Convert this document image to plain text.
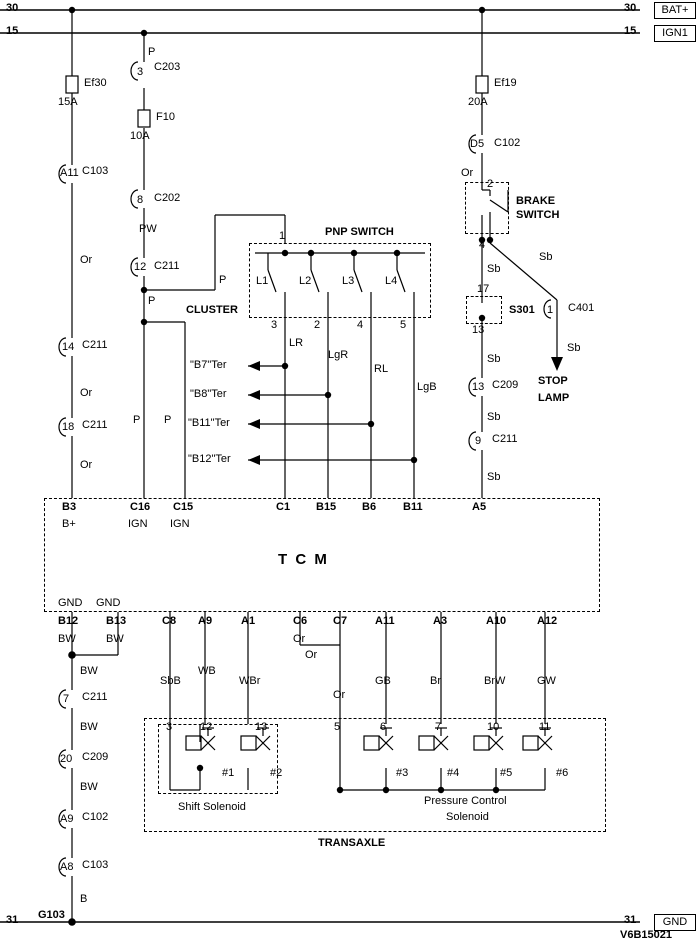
30
15
31
30
15
31
BAT+
IGN1
GND
Ef30
15A
F10
10A
Ef19
20A
3 C203
A11 C103
8 C202
12 C211
14 C211
18 C211
D5 C102
17
S301 1 C401
13 C209
9 C211
7 C211
20 C209
A9 C102
A8 C103
Or
Or
Or
P
PW
P
P
P P
Or
Sb
Sb
Sb
Sb
Sb
Sb
LR
LgR
RL
LgB
PNP SWITCH
1
L1	L2	L3	L4
3	2	4	5
BRAKE
SWITCH
2
4
13
STOP
LAMP
CLUSTER
"B7"Ter
"B8"Ter
"B11"Ter
"B12"Ter
T C M
B3
B+
C16
IGN
C15
IGN
C1 B15 B6 B11	A5
GND GND
B12	B13	C8 A9	A1	C6 C7	A11	A3	A10	A12
BW	BW
BW
BW
BW
B
SbB
WB
WBr
Or
Or
Or
GB	Br	BrW	GW
TRANSAXLE
Shift Solenoid	Pressure Control
Solenoid
3	12	13	5	6	7	10	11
#1	#2	#3	#4	#5	#6
G103
V6B15021
